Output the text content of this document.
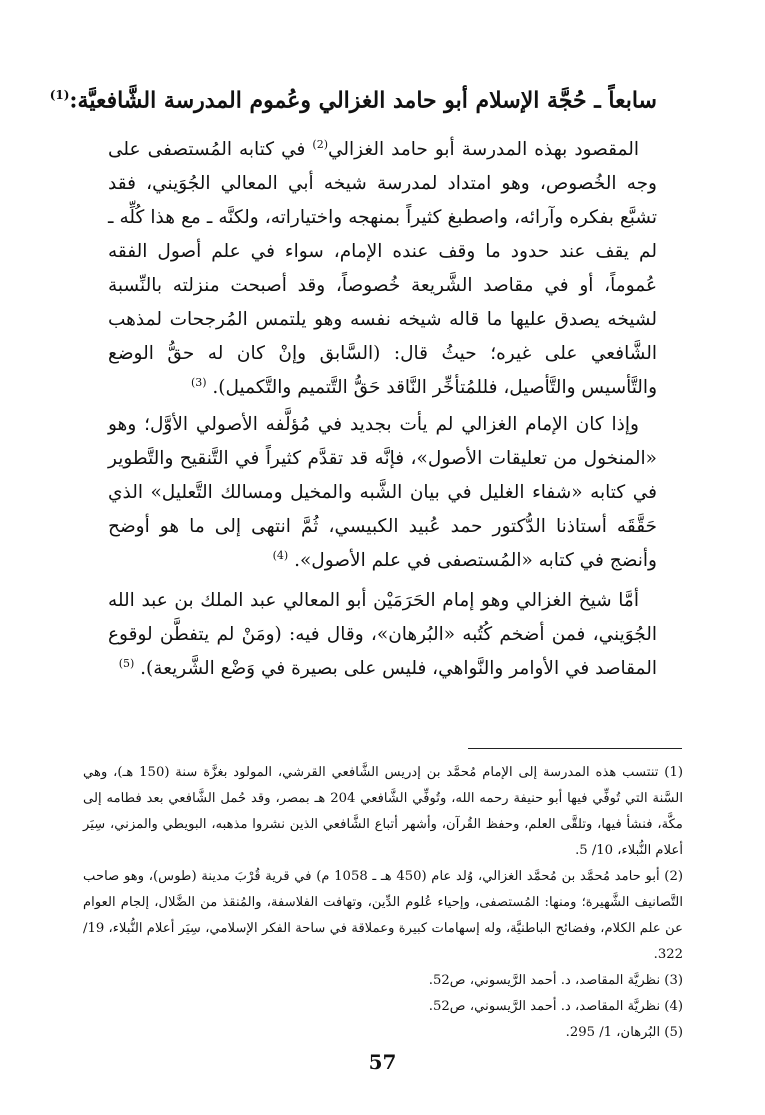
سابعاً ـ حُجَّة الإسلام أبو حامد الغزالي وعُموم المدرسة الشَّافعيَّة:$^{(1)}$

المقصود بهذه المدرسة أبو حامد الغزالي$^{(2)}$ في كتابه المُستصفى على وجه الخُصوص، وهو امتداد لمدرسة شيخه أبي المعالي الجُوَيني، فقد تشبَّع بفكره وآرائه، واصطبغ كثيراً بمنهجه واختياراته، ولكنَّه ـ مع هذا كُلِّه ـ لم يقف عند حدود ما وقف عنده الإمام، سواء في علم أصول الفقه عُموماً، أو في مقاصد الشَّريعة خُصوصاً، وقد أصبحت منزلته بالنِّسبة لشيخه يصدق عليها ما قاله شيخه نفسه وهو يلتمس المُرجحات لمذهب الشَّافعي على غيره؛ حيثُ قال: (السَّابق وإنْ كان له حقُّ الوضع والتَّأسيس والتَّأصيل، فللمُتأخِّر النَّاقد حَقُّ التَّتميم والتَّكميل). $^{(3)}$

وإذا كان الإمام الغزالي لم يأت بجديد في مُؤلَّفه الأصولي الأوَّل؛ وهو «المنخول من تعليقات الأصول»، فإنَّه قد تقدَّم كثيراً في التَّنقيح والتَّطوير في كتابه «شفاء الغليل في بيان الشَّبه والمخيل ومسالك التَّعليل» الذي حَقَّقَه أستاذنا الدُّكتور حمد عُبيد الكبيسي، ثُمَّ انتهى إلى ما هو أوضح وأنضج في كتابه «المُستصفى في علم الأصول». $^{(4)}$

أمَّا شيخ الغزالي وهو إمام الحَرَمَيْن أبو المعالي عبد الملك بن عبد الله الجُوَيني، فمن أضخم كُتُبه «البُرهان»، وقال فيه: (ومَنْ لم يتفطَّن لوقوع المقاصد في الأوامر والنَّواهي، فليس على بصيرة في وَضْع الشَّريعة). $^{(5)}$

(1) تنتسب هذه المدرسة إلى الإمام مُحمَّد بن إدريس الشَّافعي القرشي، المولود بغزَّة سنة (150 هـ)، وهي السَّنة التي تُوفِّي فيها أبو حنيفة رحمه الله، وتُوفِّي الشَّافعي 204 هـ بمصر، وقد حُمل الشَّافعي بعد فطامه إلى مكَّة، فنشأ فيها، وتلقَّى العلم، وحفظ القُرآن، وأشهر أتباع الشَّافعي الذين نشروا مذهبه، البويطي والمزني، سِيَر أعلام النُّبلاء، 10/ 5.

(2) أبو حامد مُحمَّد بن مُحمَّد الغزالي، وُلد عام (450 هـ ـ 1058 م) في قرية قُرْبَ مدينة (طوس)، وهو صاحب التَّصانيف الشَّهيرة؛ ومنها: المُستصفى، وإحياء عُلوم الدِّين، وتهافت الفلاسفة، والمُنقذ من الضَّلال، إلجام العوام عن علم الكلام، وفضائح الباطنيَّة، وله إسهامات كبيرة وعملاقة في ساحة الفكر الإسلامي، سِيَر أعلام النُّبلاء، 19/ 322.

(3) نظريَّة المقاصد، د. أحمد الرَّيسوني، ص52.

(4) نظريَّة المقاصد، د. أحمد الرَّيسوني، ص52.

(5) البُرهان، 1/ 295.

57
